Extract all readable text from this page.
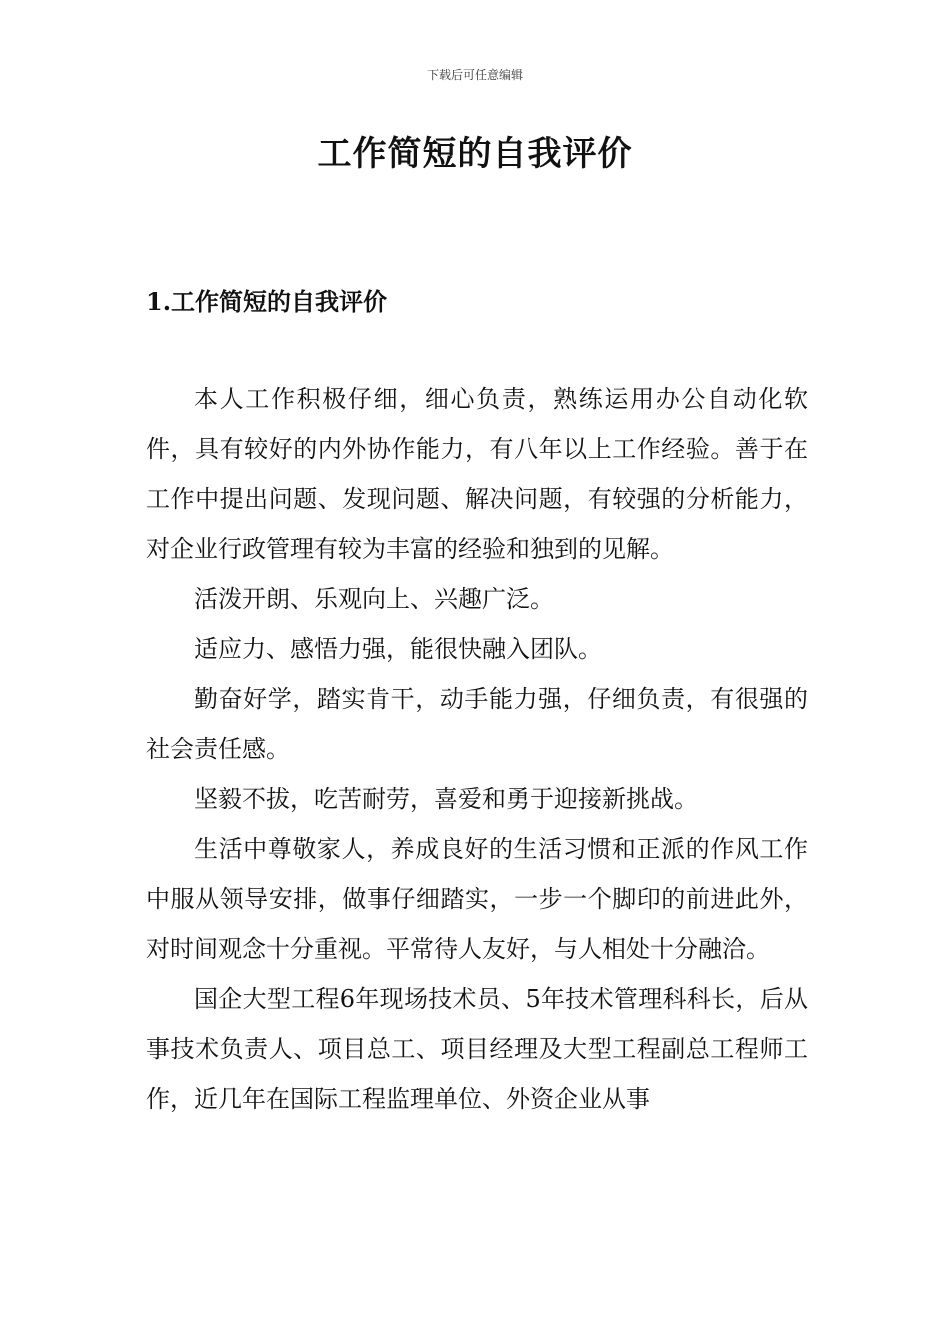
下载后可任意编辑
工作简短的自我评价
1.工作简短的自我评价

本人工作积极仔细，细心负责，熟练运用办公自动化软件，具有较好的内外协作能力，有八年以上工作经验。善于在工作中提出问题、发现问题、解决问题，有较强的分析能力，对企业行政管理有较为丰富的经验和独到的见解。

活泼开朗、乐观向上、兴趣广泛。

适应力、感悟力强，能很快融入团队。

勤奋好学，踏实肯干，动手能力强，仔细负责，有很强的社会责任感。

坚毅不拔，吃苦耐劳，喜爱和勇于迎接新挑战。

生活中尊敬家人，养成良好的生活习惯和正派的作风工作中服从领导安排，做事仔细踏实，一步一个脚印的前进此外，对时间观念十分重视。平常待人友好，与人相处十分融洽。

国企大型工程6年现场技术员、5年技术管理科科长，后从事技术负责人、项目总工、项目经理及大型工程副总工程师工作，近几年在国际工程监理单位、外资企业从事
